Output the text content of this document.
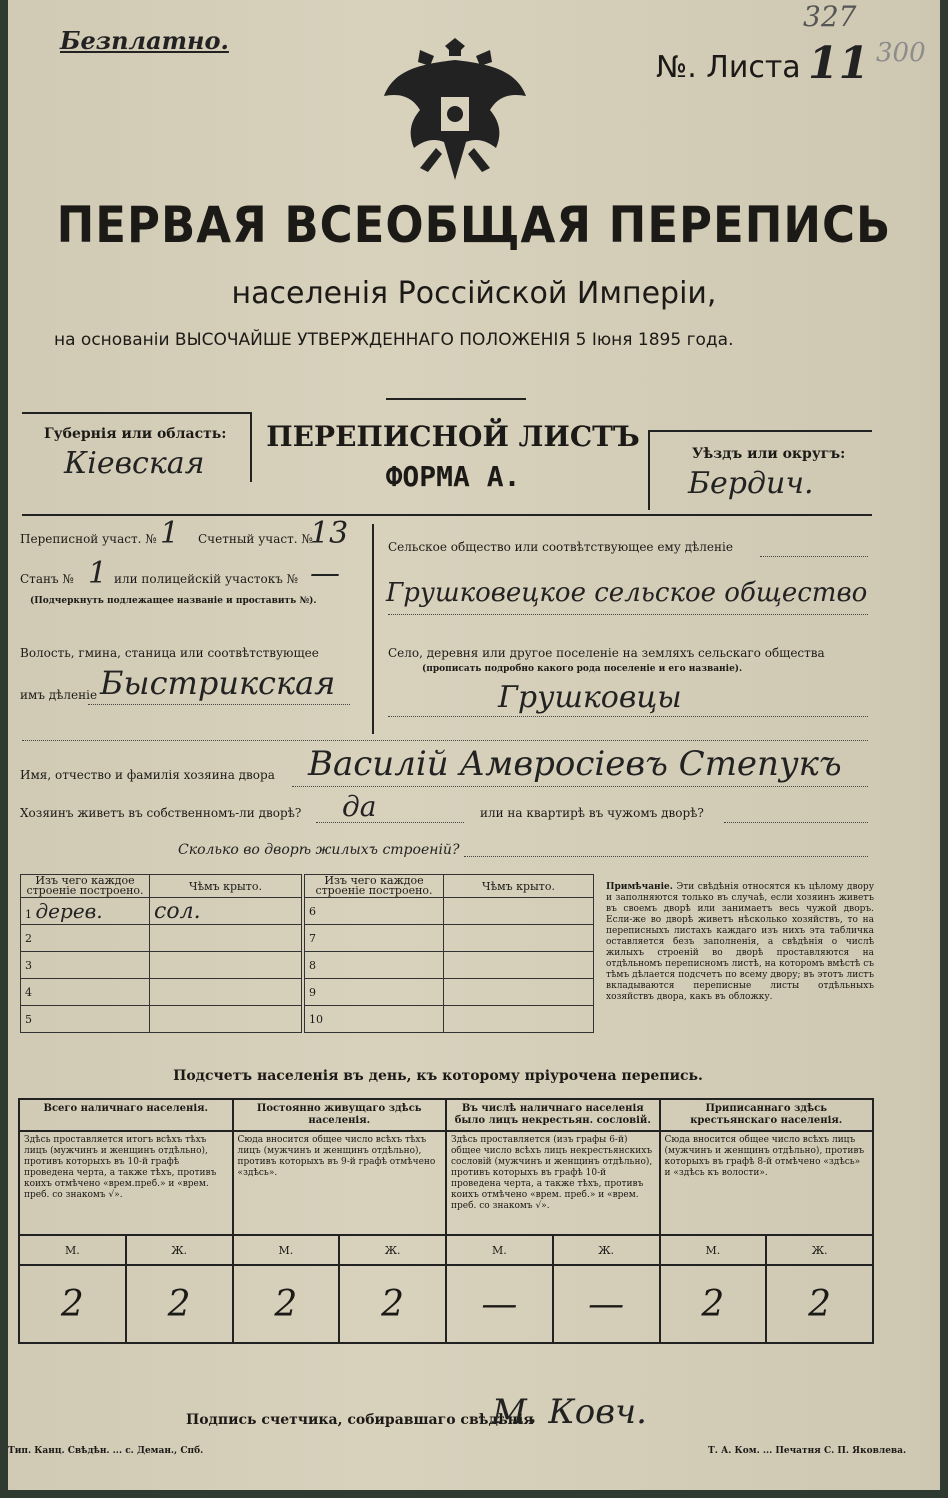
Безплатно.
№. Листа 11
327
300
ПЕРВАЯ ВСЕОБЩАЯ ПЕРЕПИСЬ
населенія Россійской Имперіи,
на основаніи ВЫСОЧАЙШЕ УТВЕРЖДЕННАГО ПОЛОЖЕНІЯ 5 Іюня 1895 года.
Губернія или область:
Кіевская
ПЕРЕПИСНОЙ ЛИСТЪ
ФОРМА А.
Уѣздъ или округъ:
Бердич.
Переписной участ. № 1 Счетный участ. №
13
Станъ № 1 или полицейскій участокъ № —
(Подчеркнуть подлежащее названіе и проставить №).
Волость, гмина, станица или соотвѣтствующее
имъ дѣленіе Быстрикская
Сельское общество или соотвѣтствующее ему дѣленіе
Грушковецкое сельское общество
Село, деревня или другое поселеніе на земляхъ сельскаго общества
(прописать подробно какого рода поселеніе и его названіе).
Грушковцы
Имя, отчество и фамилія хозяина двора Василій Амвросіевъ Степукъ
Хозяинъ живетъ въ собственномъ-ли дворѣ? да	или на квартирѣ въ чужомъ дворѣ?
Сколько во дворѣ жилыхъ строеній?
Изъ чего каждое строеніе построено.	Чѣмъ крыто.
1 дерев.	сол.
2	
3	
4	
5	
Изъ чего каждое строеніе построено.	Чѣмъ крыто.
6	
7	
8	
9	
10	
Примѣчаніе. Эти свѣдѣнія относятся къ цѣлому двору и заполняются только въ случаѣ, если хозяинъ живетъ въ своемъ дворѣ или занимаетъ весь чужой дворъ. Если-же во дворѣ живетъ нѣсколько хозяйствъ, то на переписныхъ листахъ каждаго изъ нихъ эта табличка оставляется безъ заполненія, а свѣдѣнія о числѣ жилыхъ строеній во дворѣ проставляются на отдѣльномъ переписномъ листѣ, на которомъ вмѣстѣ съ тѣмъ дѣлается подсчетъ по всему двору; въ этотъ листъ вкладываются переписные листы отдѣльныхъ хозяйствъ двора, какъ въ обложку.
Подсчетъ населенія въ день, къ которому пріурочена перепись.
Всего наличнаго населенія.		Постоянно живущаго здѣсь населенія.		Въ числѣ наличнаго населенія было лицъ некрестьян. сословій.		Приписаннаго здѣсь крестьянскаго населенія.	
Здѣсь проставляется итогъ всѣхъ тѣхъ лицъ (мужчинъ и женщинъ отдѣльно), противъ которыхъ въ 10-й графѣ проведена черта, а также тѣхъ, противъ коихъ отмѣчено «врем.преб.» и «врем. преб. со знакомъ √».		Сюда вносится общее число всѣхъ тѣхъ лицъ (мужчинъ и женщинъ отдѣльно), противъ которыхъ въ 9-й графѣ отмѣчено «здѣсь».		Здѣсь проставляется (изъ графы 6-й) общее число всѣхъ лицъ некрестьянскихъ сословій (мужчинъ и женщинъ отдѣльно), противъ которыхъ въ графѣ 10-й проведена черта, а также тѣхъ, противъ коихъ отмѣчено «врем. преб.» и «врем. преб. со знакомъ √».		Сюда вносится общее число всѣхъ лицъ (мужчинъ и женщинъ отдѣльно), противъ которыхъ въ графѣ 8-й отмѣчено «здѣсь» и «здѣсь къ волости».	
М.	Ж.	М.	Ж.	М.	Ж.	М.	Ж.
2	2	2	2	—	—	2	2
Подпись счетчика, собиравшаго свѣдѣнія
М. Ковч.
Тип. Канц. Свѣдѣн. ... с. Деман., Спб.	Т. А. Ком. ... Печатня С. П. Яковлева.
